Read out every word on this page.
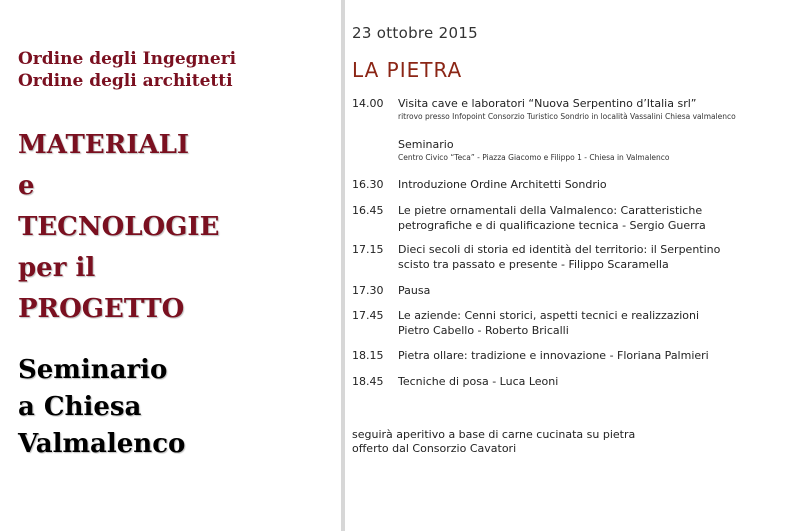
Ordine degli Ingegneri
Ordine degli architetti
MATERIALI
e
TECNOLOGIE
per il
PROGETTO
Seminario
a Chiesa
Valmalenco
23 ottobre 2015
LA PIETRA
14.00 Visita cave e laboratori “Nuova Serpentino d’Italia srl”
ritrovo presso Infopoint Consorzio Turistico Sondrio in località Vassalini Chiesa valmalenco
Seminario
Centro Civico “Teca” - Piazza Giacomo e Filippo 1 - Chiesa in Valmalenco
16.30 Introduzione Ordine Architetti Sondrio
16.45 Le pietre ornamentali della Valmalenco: Caratteristiche
petrografiche e di qualificazione tecnica - Sergio Guerra
17.15 Dieci secoli di storia ed identità del territorio: il Serpentino
scisto tra passato e presente - Filippo Scaramella
17.30 Pausa
17.45 Le aziende: Cenni storici, aspetti tecnici e realizzazioni
Pietro Cabello - Roberto Bricalli
18.15 Pietra ollare: tradizione e innovazione - Floriana Palmieri
18.45 Tecniche di posa - Luca Leoni
seguirà aperitivo a base di carne cucinata su pietra
offerto dal Consorzio Cavatori
